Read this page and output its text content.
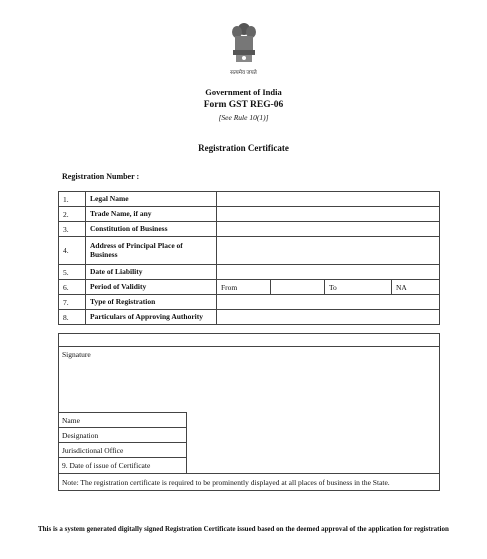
सत्यमेव जयते
Government of India
Form GST REG-06
[See Rule 10(1)]
Registration Certificate
Registration Number :
1.	Legal Name				
2.	Trade Name, if any				
3.	Constitution of Business				
4.	Address of Principal Place of Business				
5.	Date of Liability				
6.	Period of Validity	From		To	NA
7.	Type of Registration				
8.	Particulars of Approving Authority				
Signature
Name
Designation
Jurisdictional Office
9. Date of issue of Certificate
Note: The registration certificate is required to be prominently displayed at all places of business in the State.
This is a system generated digitally signed Registration Certificate issued based on the deemed approval of the application for registration
